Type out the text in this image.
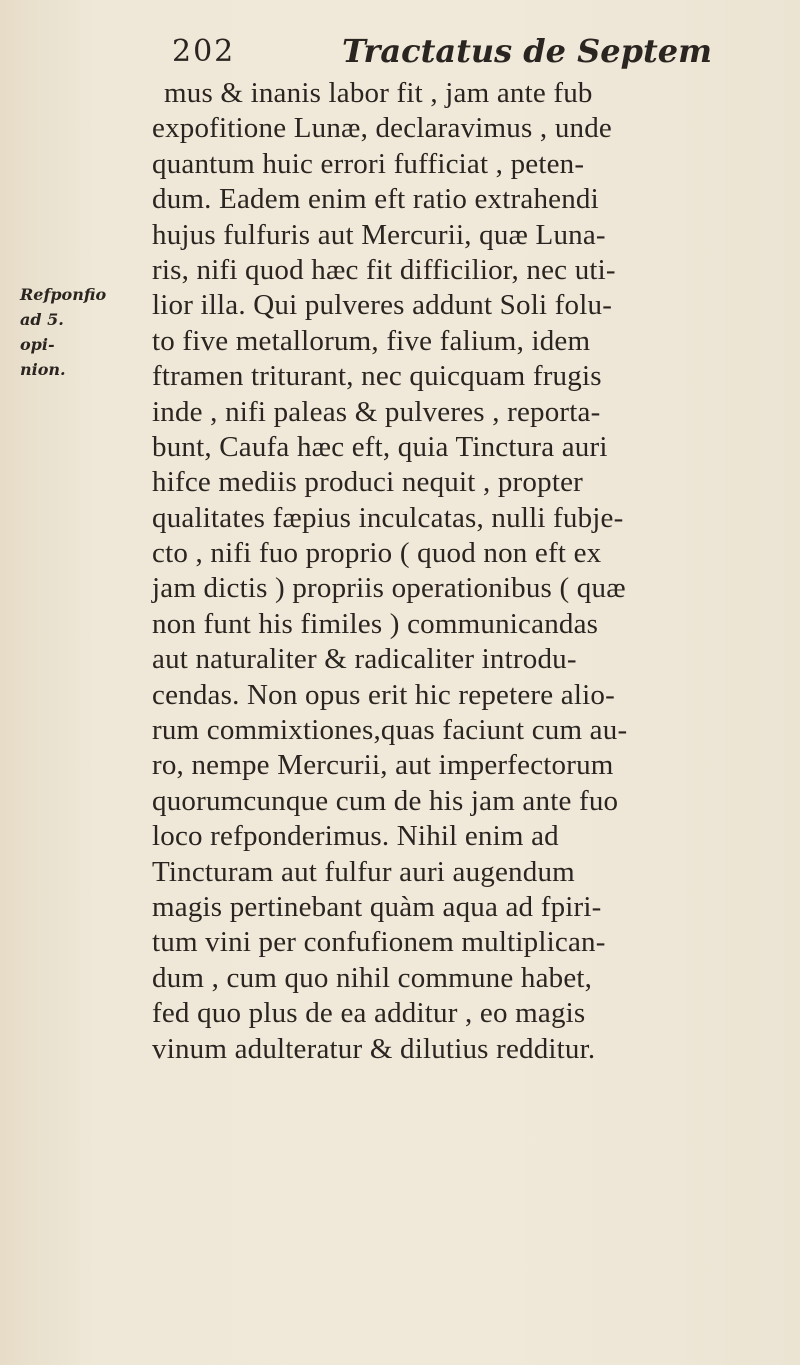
202	Tractatus de Septem
Refponfio
ad 5. opi-
nion.
mus & inanis labor fit , jam ante fub
expofitione Lunæ, declaravimus , unde
quantum huic errori fufficiat , peten-
dum. Eadem enim eft ratio extrahendi
hujus fulfuris aut Mercurii, quæ Luna-
ris, nifi quod hæc fit difficilior, nec uti-
lior illa. Qui pulveres addunt Soli folu-
to five metallorum, five falium, idem
ftramen triturant, nec quicquam frugis
inde , nifi paleas & pulveres , reporta-
bunt, Caufa hæc eft, quia Tinctura auri
hifce mediis produci nequit , propter
qualitates fæpius inculcatas, nulli fubje-
cto , nifi fuo proprio ( quod non eft ex
jam dictis ) propriis operationibus ( quæ
non funt his fimiles ) communicandas
aut naturaliter & radicaliter introdu-
cendas. Non opus erit hic repetere alio-
rum commixtiones,quas faciunt cum au-
ro, nempe Mercurii, aut imperfectorum
quorumcunque cum de his jam ante fuo
loco refponderimus. Nihil enim ad
Tincturam aut fulfur auri augendum
magis pertinebant quàm aqua ad fpiri-
tum vini per confufionem multiplican-
dum , cum quo nihil commune habet,
fed quo plus de ea additur , eo magis
vinum adulteratur & dilutius redditur.
